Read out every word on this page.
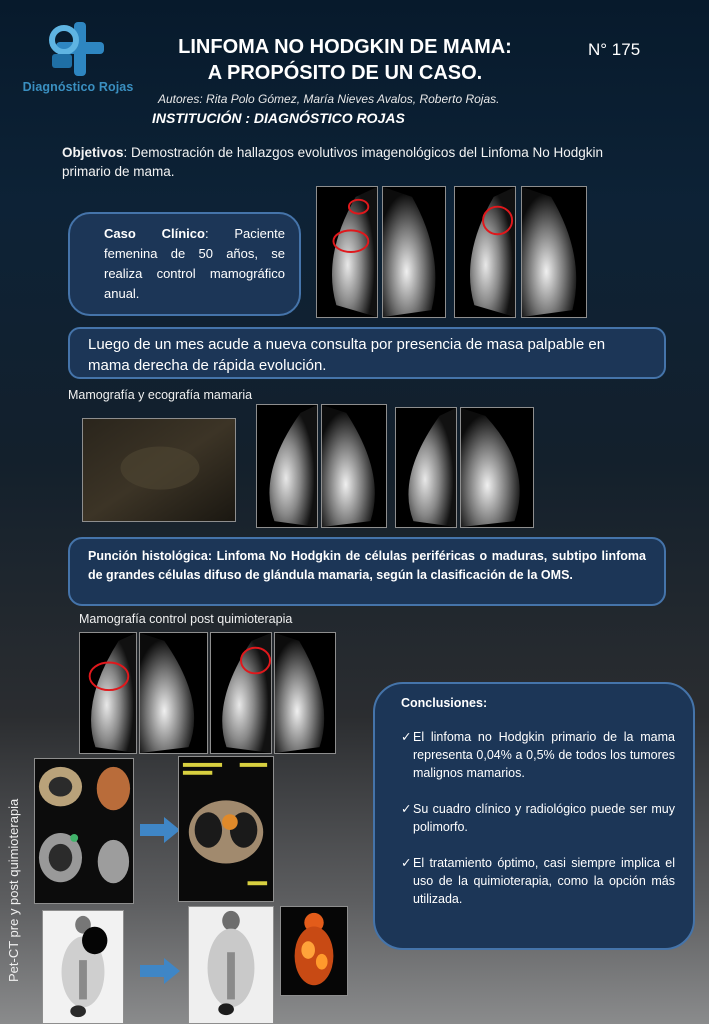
Diagnóstico Rojas
LINFOMA NO HODGKIN DE MAMA:
A PROPÓSITO DE UN CASO.
N° 175
Autores: Rita Polo Gómez, María Nieves Avalos, Roberto Rojas.
INSTITUCIÓN : DIAGNÓSTICO ROJAS
Objetivos: Demostración de hallazgos evolutivos imagenológicos del Linfoma No Hodgkin primario de mama.
Caso Clínico: Paciente femenina de 50 años, se realiza control mamográfico anual.
Luego de un mes acude a nueva consulta por presencia de masa palpable en mama derecha de rápida evolución.
Mamografía y ecografía mamaria
Punción histológica: Linfoma No Hodgkin de células periféricas o maduras, subtipo linfoma de grandes células difuso de glándula mamaria, según la clasificación de la OMS.
Mamografía control post quimioterapia
Conclusiones:
✓ El linfoma no Hodgkin primario de la mama representa 0,04% a 0,5% de todos los tumores malignos mamarios.
✓ Su cuadro clínico y radiológico puede ser muy polimorfo.
✓ El tratamiento óptimo, casi siempre implica el uso de la quimioterapia, como la opción más utilizada.
Pet-CT pre y post quimioterapia
